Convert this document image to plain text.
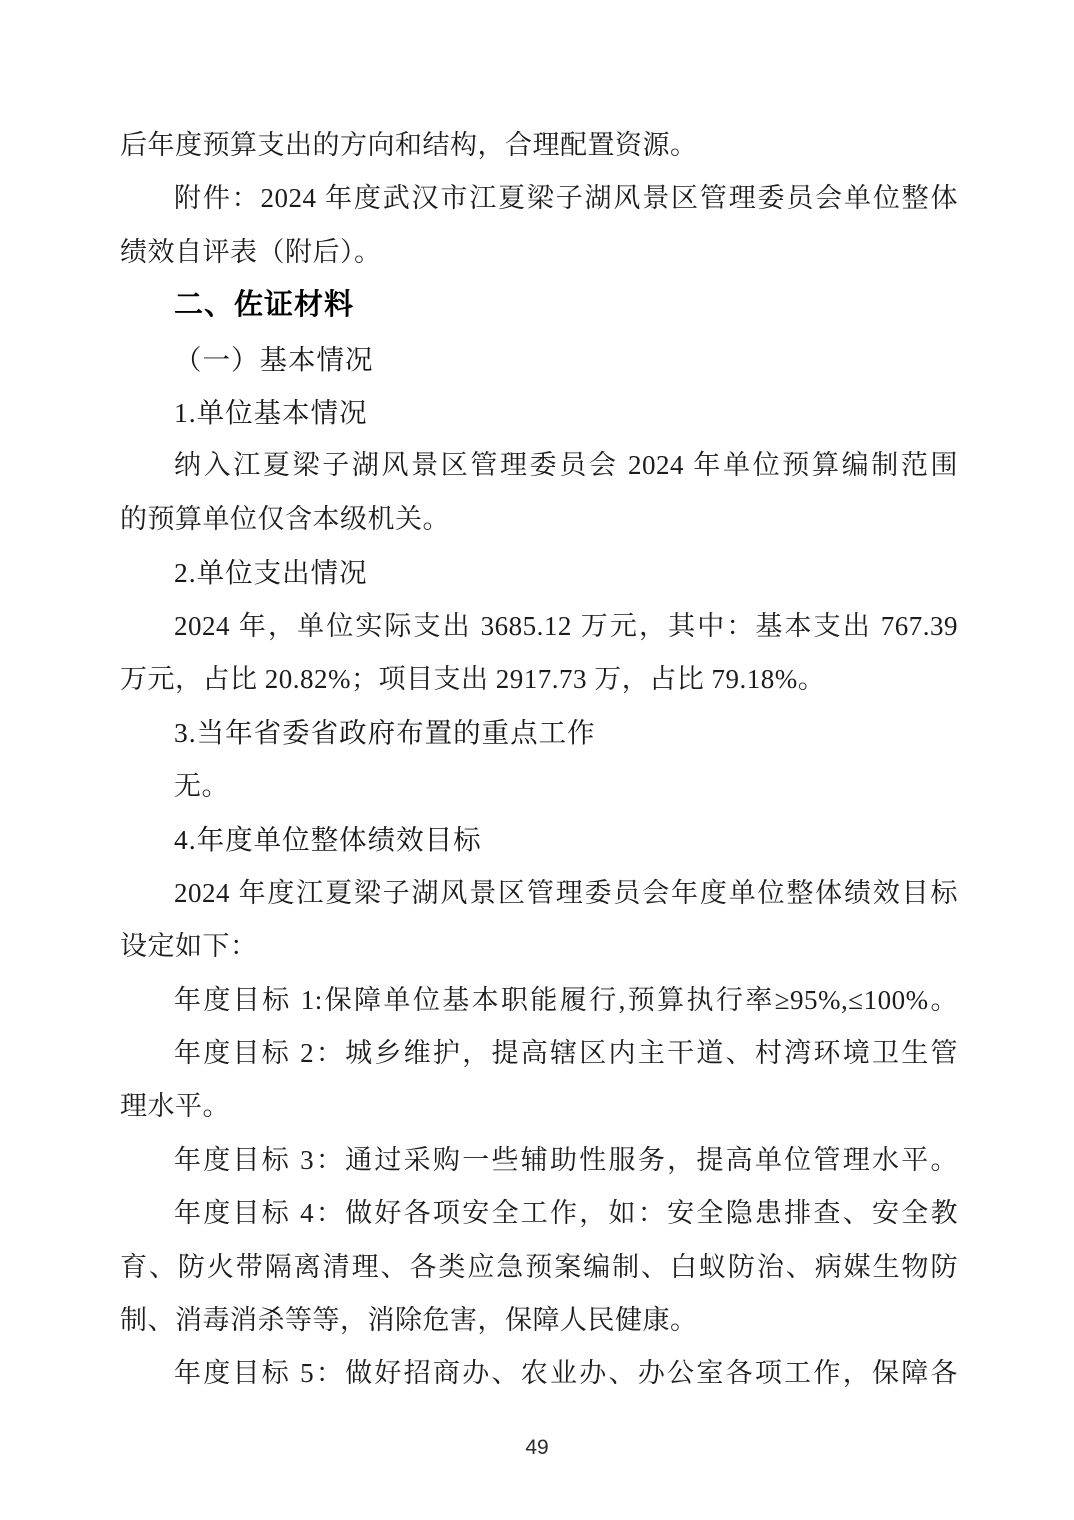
后年度预算支出的方向和结构，合理配置资源。
附件：2024 年度武汉市江夏梁子湖风景区管理委员会单位整体
绩效自评表（附后）。
二、佐证材料
（一）基本情况
1.单位基本情况
纳入江夏梁子湖风景区管理委员会 2024 年单位预算编制范围
的预算单位仅含本级机关。
2.单位支出情况
2024 年，单位实际支出 3685.12 万元，其中：基本支出 767.39
万元，占比 20.82%；项目支出 2917.73 万，占比 79.18%。
3.当年省委省政府布置的重点工作
无。
4.年度单位整体绩效目标
2024 年度江夏梁子湖风景区管理委员会年度单位整体绩效目标
设定如下：
年度目标 1:保障单位基本职能履行,预算执行率≥95%,≤100%。
年度目标 2：城乡维护，提高辖区内主干道、村湾环境卫生管
理水平。
年度目标 3：通过采购一些辅助性服务，提高单位管理水平。
年度目标 4：做好各项安全工作，如：安全隐患排查、安全教
育、防火带隔离清理、各类应急预案编制、白蚁防治、病媒生物防
制、消毒消杀等等，消除危害，保障人民健康。
年度目标 5：做好招商办、农业办、办公室各项工作，保障各
49
